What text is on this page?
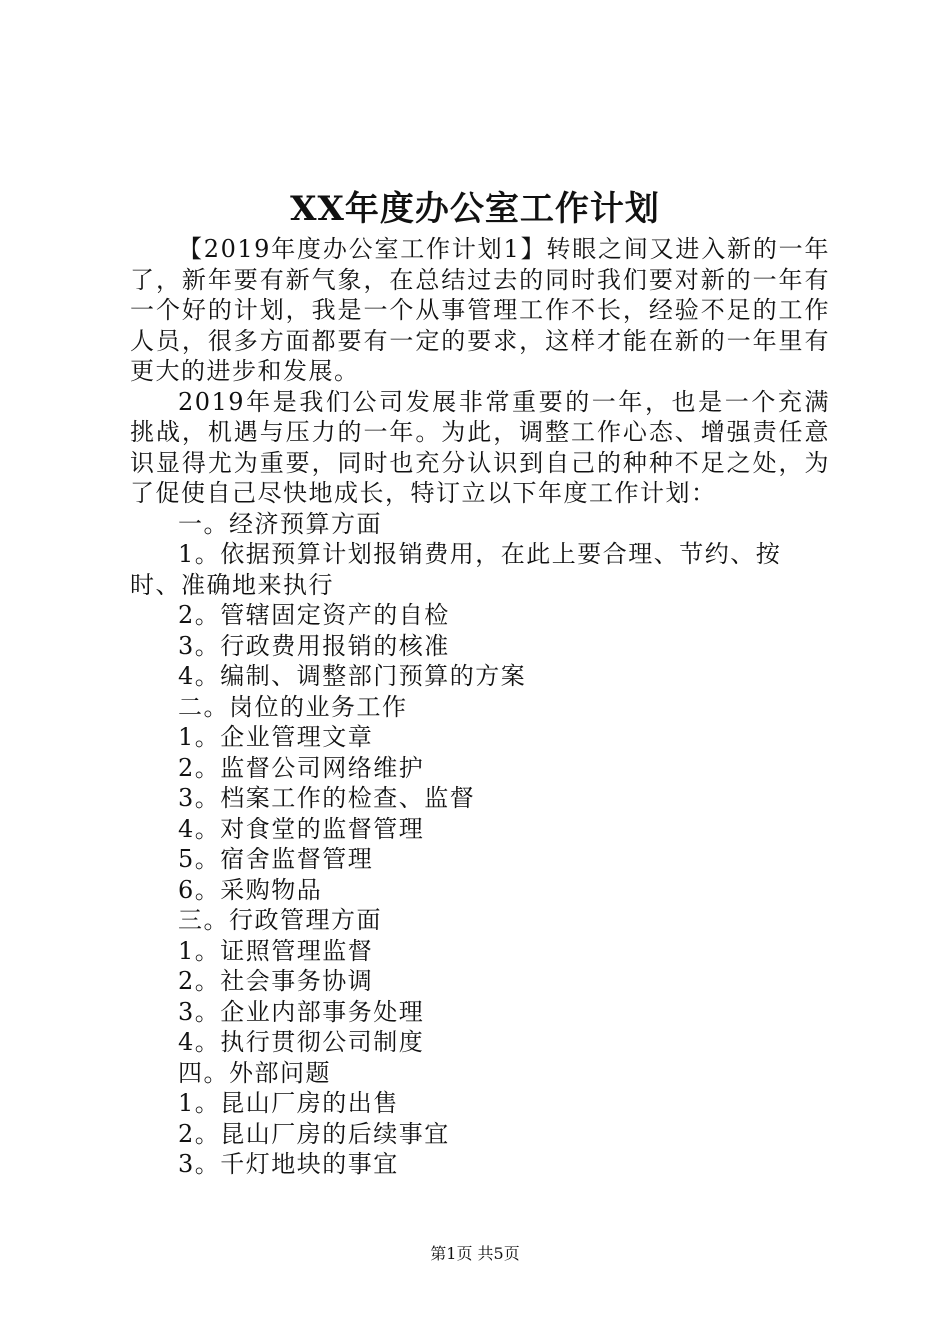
XX年度办公室工作计划

【2019年度办公室工作计划1】转眼之间又进入新的一年了，新年要有新气象，在总结过去的同时我们要对新的一年有一个好的计划，我是一个从事管理工作不长，经验不足的工作人员，很多方面都要有一定的要求，这样才能在新的一年里有更大的进步和发展。

2019年是我们公司发展非常重要的一年，也是一个充满挑战，机遇与压力的一年。为此，调整工作心态、增强责任意识显得尤为重要，同时也充分认识到自己的种种不足之处，为了促使自己尽快地成长，特订立以下年度工作计划：

一。经济预算方面

1。依据预算计划报销费用，在此上要合理、节约、按时、准确地来执行

2。管辖固定资产的自检

3。行政费用报销的核准

4。编制、调整部门预算的方案

二。岗位的业务工作

1。企业管理文章

2。监督公司网络维护

3。档案工作的检查、监督

4。对食堂的监督管理

5。宿舍监督管理

6。采购物品

三。行政管理方面

1。证照管理监督

2。社会事务协调

3。企业内部事务处理

4。执行贯彻公司制度

四。外部问题

1。昆山厂房的出售

2。昆山厂房的后续事宜

3。千灯地块的事宜

第1页 共5页
